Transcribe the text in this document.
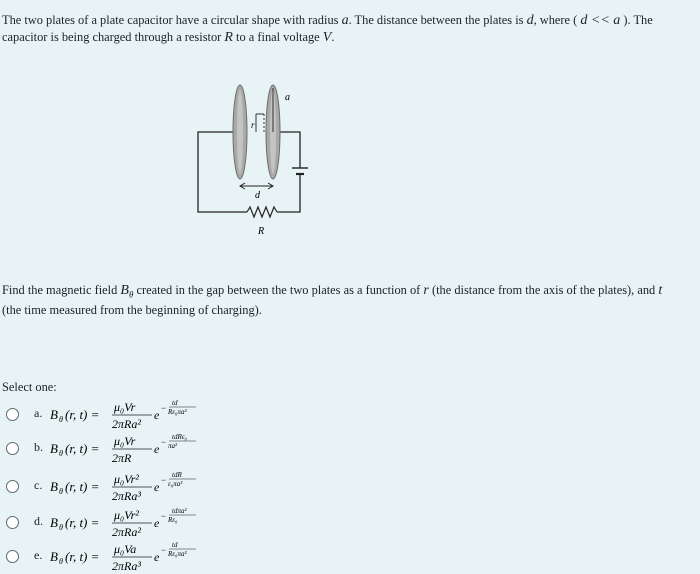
The two plates of a plate capacitor have a circular shape with radius a. The distance between the plates is d, where ( d << a ). The
capacitor is being charged through a resistor R to a final voltage V.
a
r
d
R
Find the magnetic field $B_\theta$ created in the gap between the two plates as a function of r (the distance from the axis of the plates), and t
(the time measured from the beginning of charging).
Select one:
a. B θ (r, t) = μ₀Vr
2πRa²
e − td
Rε₀πa²
b. B θ (r, t) = μ₀Vr
2πR
e − tdRε₀
πa²
c. B θ (r, t) = μ₀Vr²
2πRa³
e − tdR
ε₀πa²
d. B θ (r, t) = μ₀Vr²
2πRa²
e − tdπa²
Rε₀
e. B θ (r, t) = μ₀Va
2πRa³
e − td
Rε₀πa²
